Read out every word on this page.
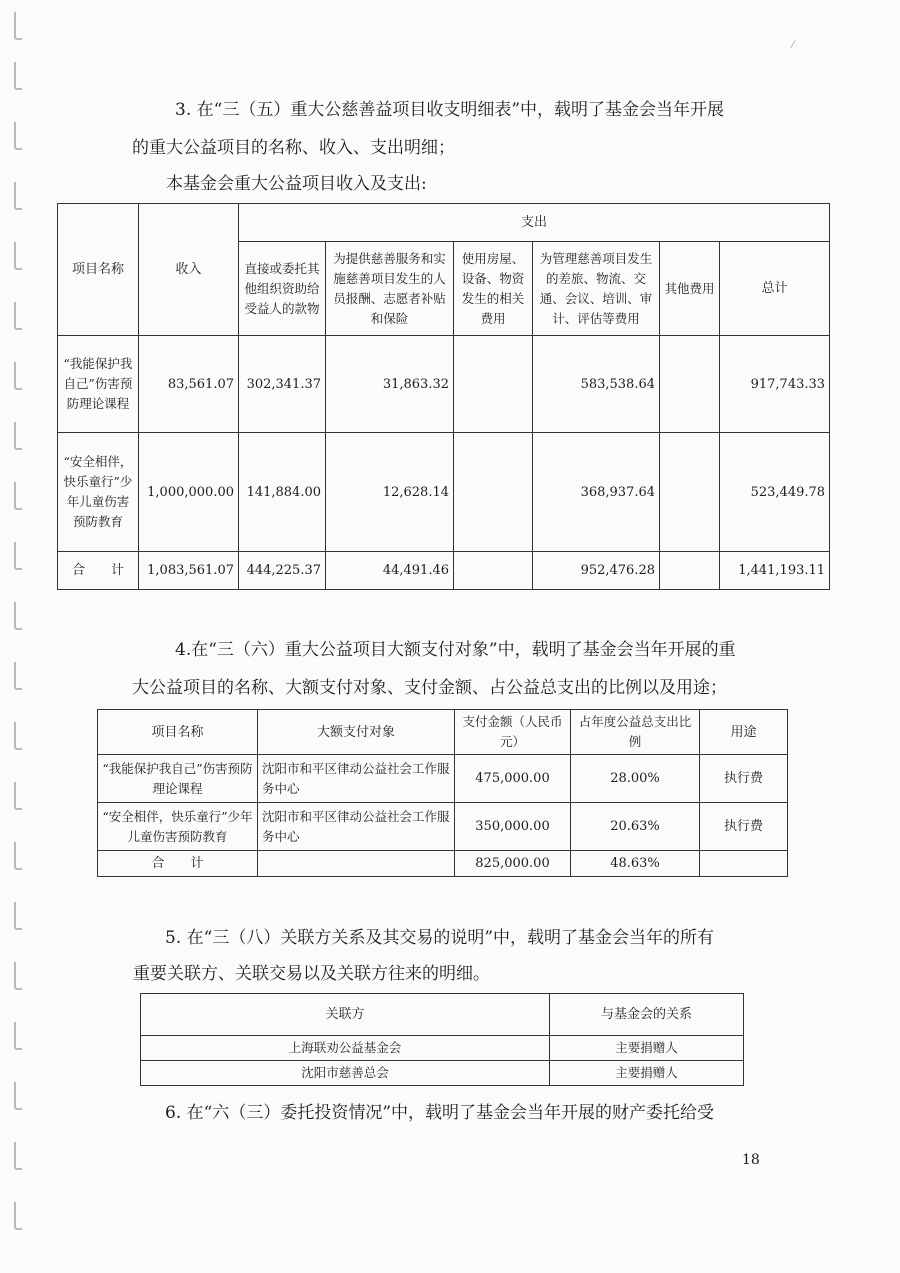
⁄

3. 在“三（五）重大公慈善益项目收支明细表”中，载明了基金会当年开展

的重大公益项目的名称、收入、支出明细；

本基金会重大公益项目收入及支出:

项目名称	收入	支出					
		直接或委托其他组织资助给受益人的款物	为提供慈善服务和实施慈善项目发生的人员报酬、志愿者补贴和保险	使用房屋、设备、物资发生的相关费用	为管理慈善项目发生的差旅、物流、交通、会议、培训、审计、评估等费用	其他费用	总计
“我能保护我自己”伤害预防理论课程	83,561.07	302,341.37	31,863.32		583,538.64		917,743.33
“安全相伴，快乐童行”少年儿童伤害预防教育	1,000,000.00	141,884.00	12,628.14		368,937.64		523,449.78
合　　计	1,083,561.07	444,225.37	44,491.46		952,476.28		1,441,193.11

4.在“三（六）重大公益项目大额支付对象”中，载明了基金会当年开展的重

大公益项目的名称、大额支付对象、支付金额、占公益总支出的比例以及用途；

项目名称	大额支付对象	支付金额（人民币元）	占年度公益总支出比例	用途
“我能保护我自己”伤害预防理论课程	沈阳市和平区律动公益社会工作服务中心	475,000.00	28.00%	执行费
“安全相伴，快乐童行”少年儿童伤害预防教育	沈阳市和平区律动公益社会工作服务中心	350,000.00	20.63%	执行费
合　　计		825,000.00	48.63%	

5. 在“三（八）关联方关系及其交易的说明”中，载明了基金会当年的所有

重要关联方、关联交易以及关联方往来的明细。

关联方	与基金会的关系
上海联劝公益基金会	主要捐赠人
沈阳市慈善总会	主要捐赠人

6. 在“六（三）委托投资情况”中，载明了基金会当年开展的财产委托给受

18
